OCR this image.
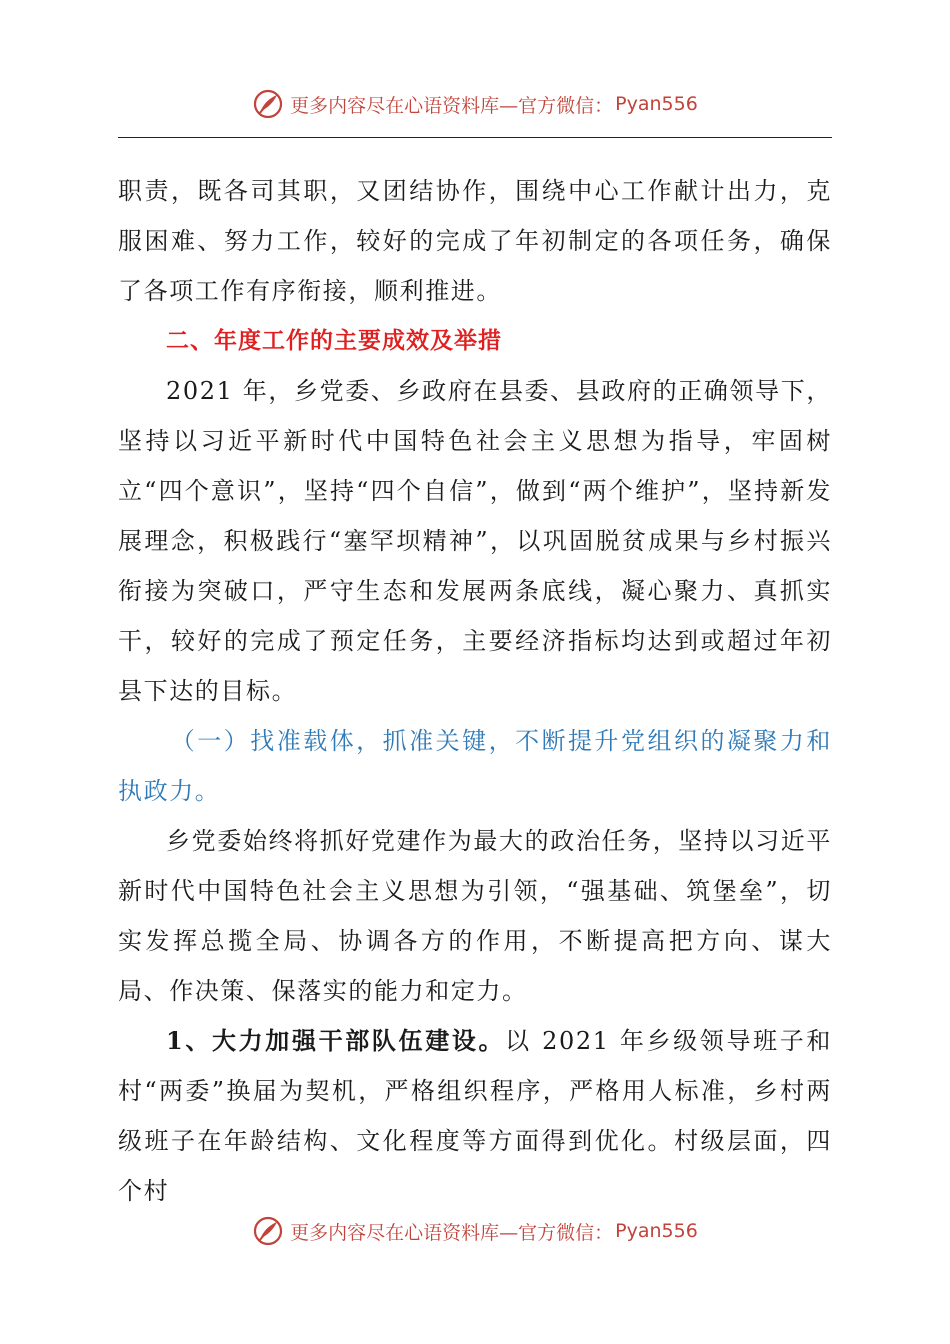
更多内容尽在心语资料库—官方微信： Pyan556

职责，既各司其职，又团结协作，围绕中心工作献计出力，克服困难、努力工作，较好的完成了年初制定的各项任务，确保了各项工作有序衔接，顺利推进。

二、年度工作的主要成效及举措

2021 年，乡党委、乡政府在县委、县政府的正确领导下，坚持以习近平新时代中国特色社会主义思想为指导，牢固树立“四个意识”，坚持“四个自信”，做到“两个维护”，坚持新发展理念，积极践行“塞罕坝精神”，以巩固脱贫成果与乡村振兴衔接为突破口，严守生态和发展两条底线，凝心聚力、真抓实干，较好的完成了预定任务，主要经济指标均达到或超过年初县下达的目标。

（一）找准载体，抓准关键，不断提升党组织的凝聚力和执政力。

乡党委始终将抓好党建作为最大的政治任务，坚持以习近平新时代中国特色社会主义思想为引领，“强基础、筑堡垒”，切实发挥总揽全局、协调各方的作用，不断提高把方向、谋大局、作决策、保落实的能力和定力。

1、大力加强干部队伍建设。以 2021 年乡级领导班子和村“两委”换届为契机，严格组织程序，严格用人标准，乡村两级班子在年龄结构、文化程度等方面得到优化。村级层面，四个村

更多内容尽在心语资料库—官方微信： Pyan556
